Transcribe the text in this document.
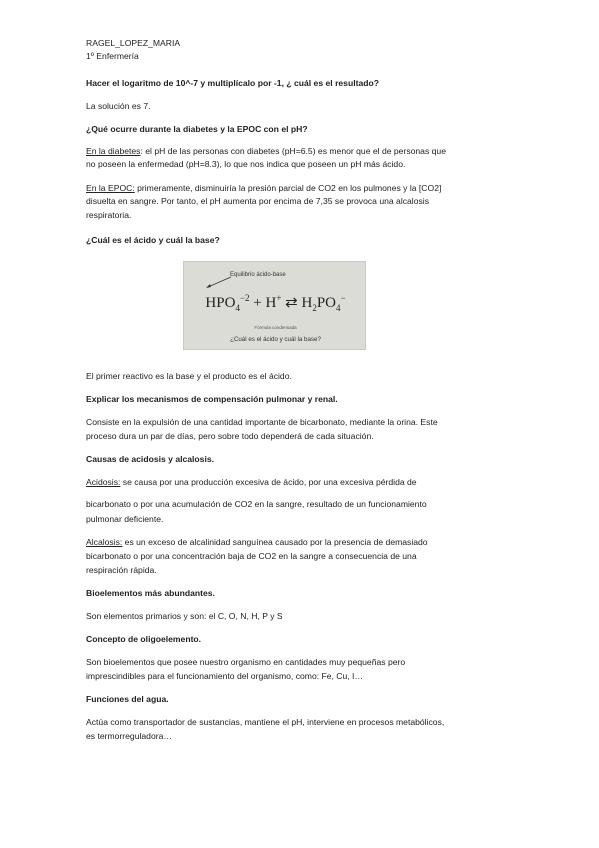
RAGEL_LOPEZ_MARIA
1º Enfermería
Hacer el logaritmo de 10^-7 y multiplícalo por -1, ¿ cuál es el resultado?
La solución es 7.
¿Qué ocurre durante la diabetes y la EPOC con el pH?
En la diabetes: el pH de las personas con diabetes (pH=6.5) es menor que el de personas que
no poseen la enfermedad (pH=8.3), lo que nos indica que poseen un pH más ácido.
En la EPOC: primeramente, disminuiría la presión parcial de CO2 en los pulmones y la [CO2]
disuelta en sangre. Por tanto, el pH aumenta por encima de 7,35 se provoca una alcalosis
respiratoria.
¿Cuál es el ácido y cuál la base?
Equilibrio ácido-base
$HPO_4^{-2} + H^+$ ⇄ $H_2PO_4^-$
Fórmula condensada
¿Cuál es el ácido y cuál la base?
El primer reactivo es la base y el producto es el ácido.
Explicar los mecanismos de compensación pulmonar y renal.
Consiste en la expulsión de una cantidad importante de bicarbonato, mediante la orina. Este
proceso dura un par de días, pero sobre todo dependerá de cada situación.
Causas de acidosis y alcalosis.
Acidosis: se causa por una producción excesiva de ácido, por una excesiva pérdida de
bicarbonato o por una acumulación de CO2 en la sangre, resultado de un funcionamiento
pulmonar deficiente.
Alcalosis: es un exceso de alcalinidad sanguínea causado por la presencia de demasiado
bicarbonato o por una concentración baja de CO2 en la sangre a consecuencia de una
respiración rápida.
Bioelementos más abundantes.
Son elementos primarios y son: el C, O, N, H, P y S
Concepto de oligoelemento.
Son bioelementos que posee nuestro organismo en cantidades muy pequeñas pero
imprescindibles para el funcionamiento del organismo, como: Fe, Cu, I…
Funciones del agua.
Actúa como transportador de sustancias, mantiene el pH, interviene en procesos metabólicos,
es termorreguladora…
